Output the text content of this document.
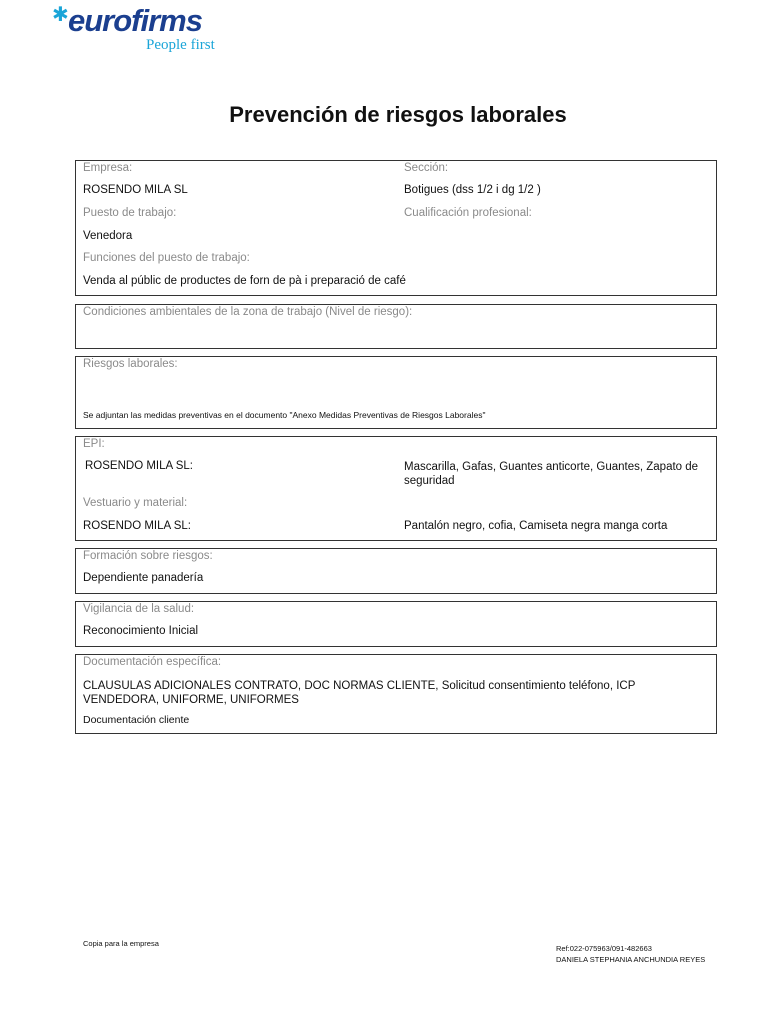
✱ eurofirms
People first
Prevención de riesgos laborales
Empresa:	Sección:
ROSENDO MILA SL	Botigues (dss 1/2 i dg 1/2 )
Puesto de trabajo:	Cualificación profesional:
Venedora
Funciones del puesto de trabajo:
Venda al públic de productes de forn de pà i preparació de café
Condiciones ambientales de la zona de trabajo (Nivel de riesgo):
Riesgos laborales:
Se adjuntan las medidas preventivas en el documento "Anexo Medidas Preventivas de Riesgos Laborales"
EPI:
ROSENDO MILA SL:	Mascarilla, Gafas, Guantes anticorte, Guantes, Zapato de seguridad
Vestuario y material:
ROSENDO MILA SL:	Pantalón negro, cofia, Camiseta negra manga corta
Formación sobre riesgos:
Dependiente panadería
Vigilancia de la salud:
Reconocimiento Inicial
Documentación específica:
CLAUSULAS ADICIONALES CONTRATO, DOC NORMAS CLIENTE, Solicitud consentimiento teléfono, ICP VENDEDORA, UNIFORME, UNIFORMES
Documentación cliente
Copia para la empresa
Ref:022-075963/091-482663
DANIELA STEPHANIA ANCHUNDIA REYES
